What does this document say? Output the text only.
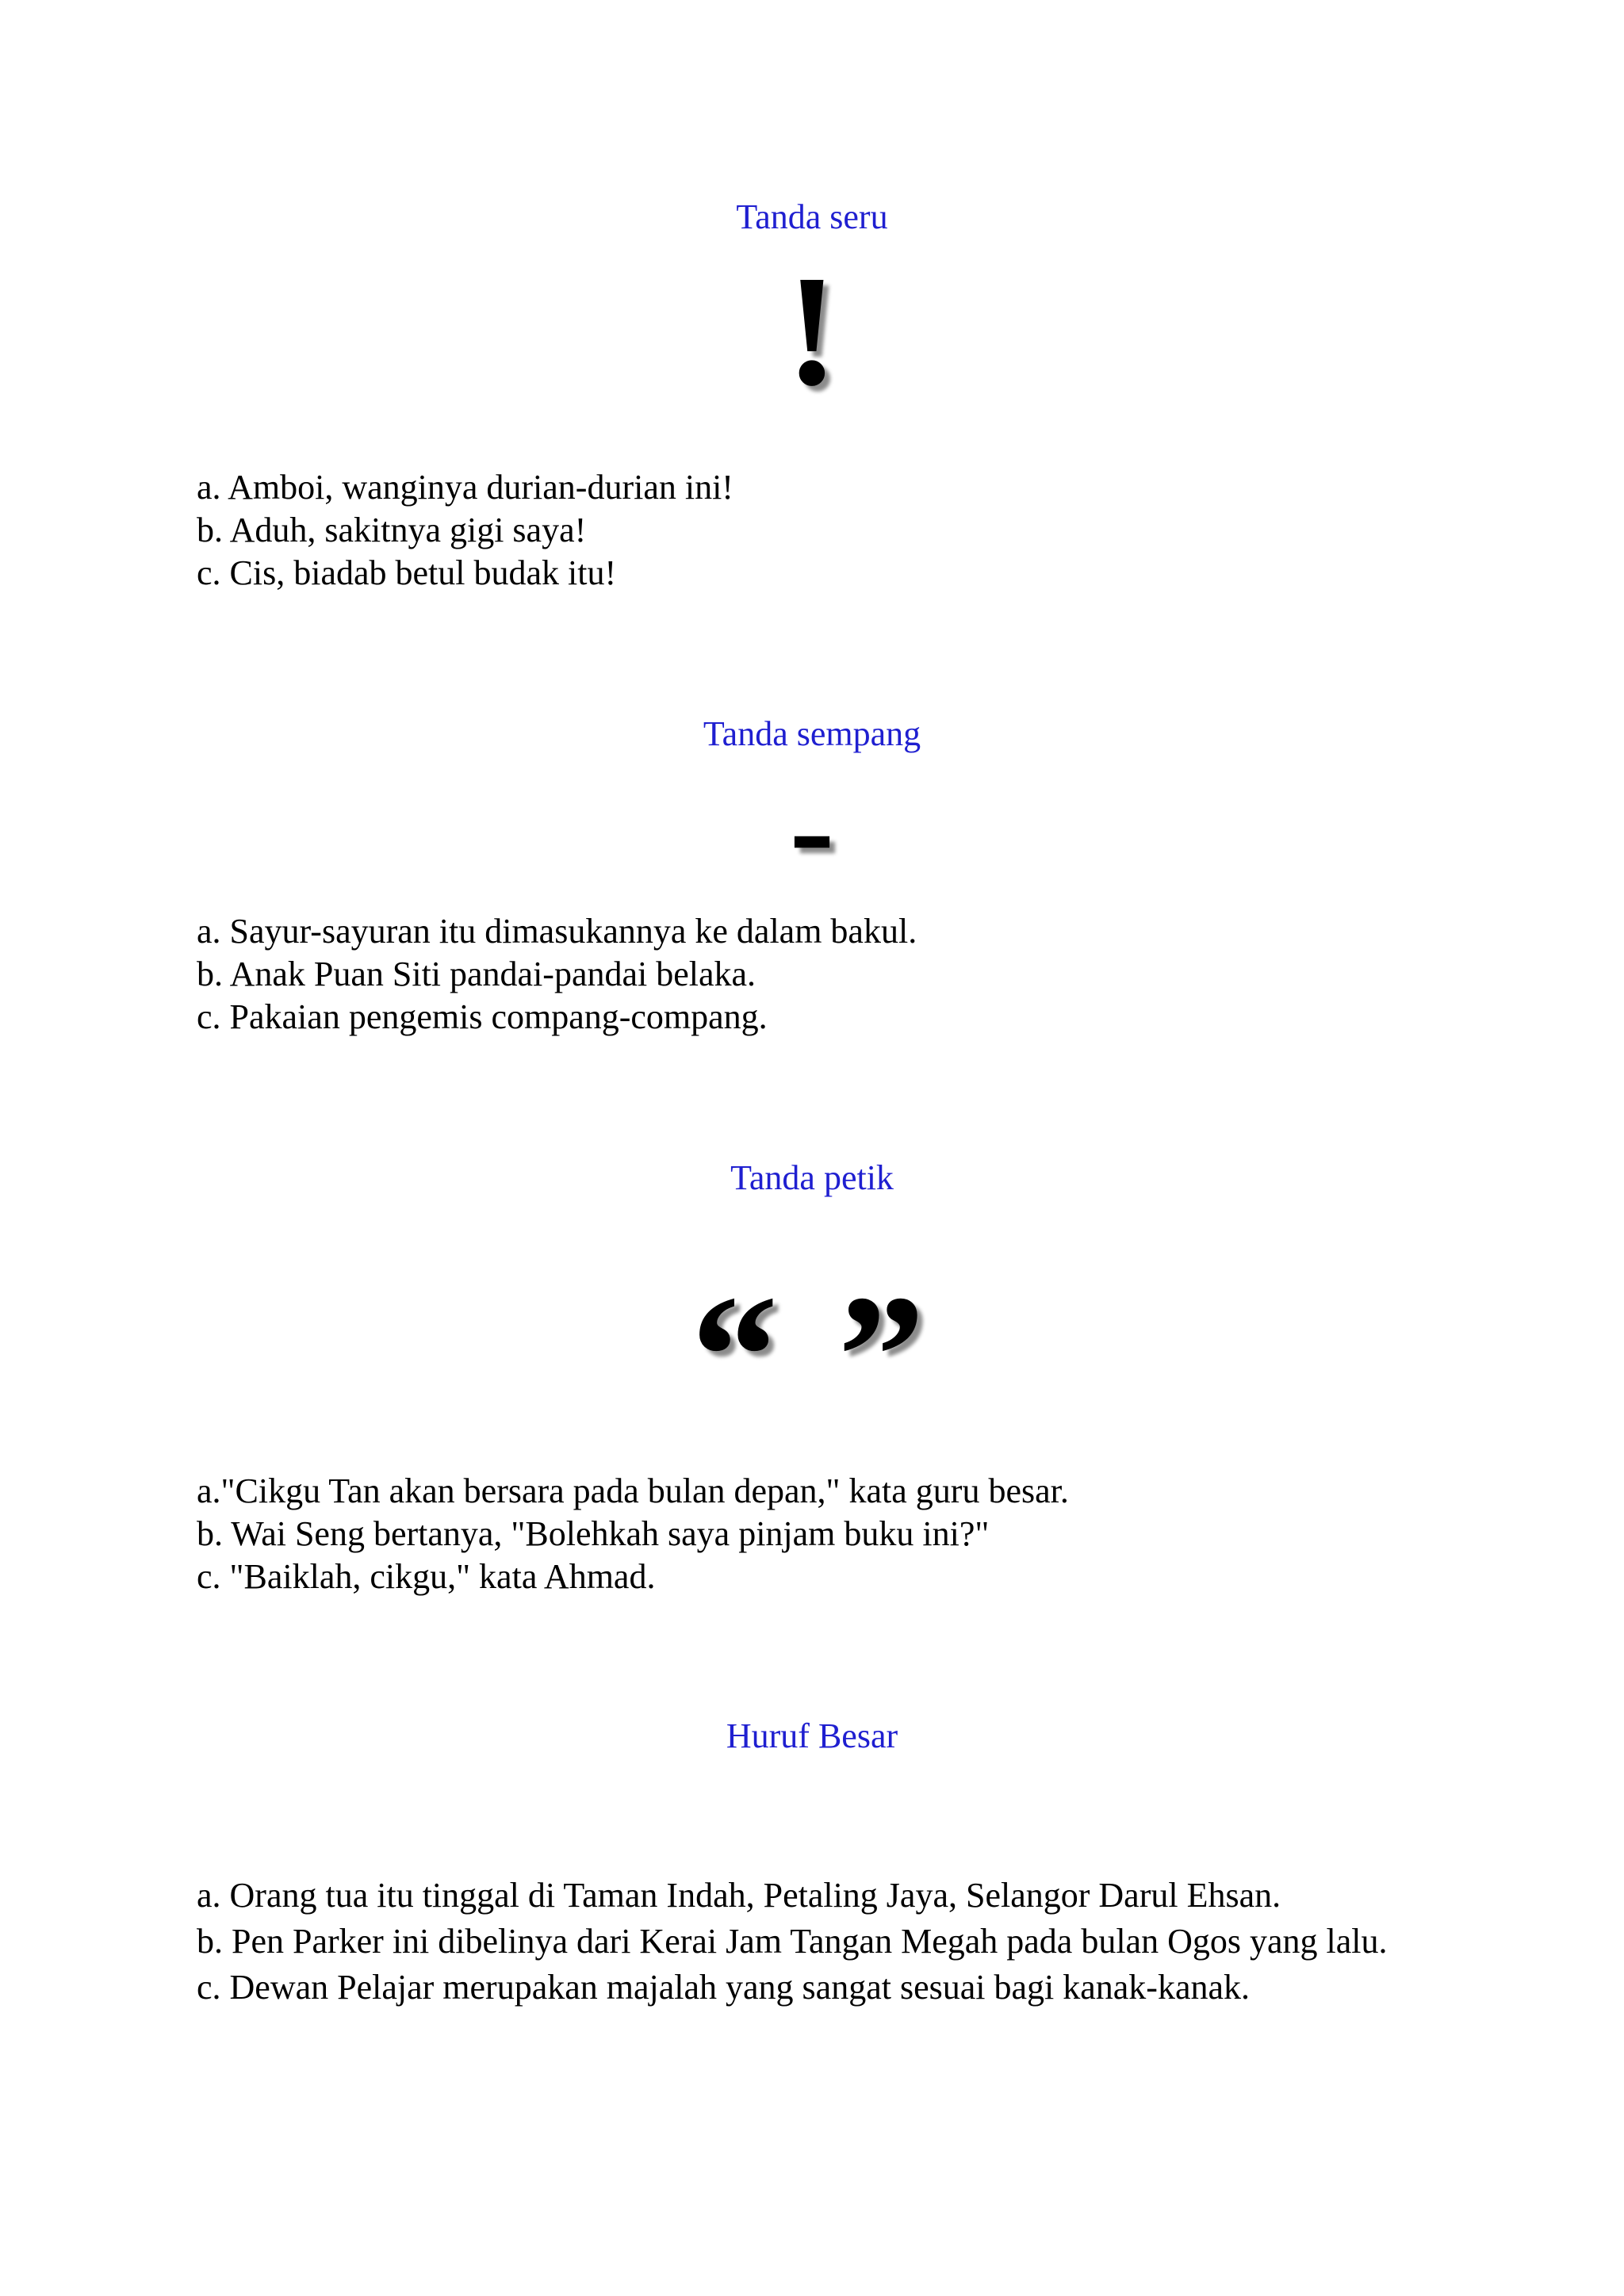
Tanda seru
!

a. Amboi, wanginya durian-durian ini!

b. Aduh, sakitnya gigi saya!

c. Cis, biadab betul budak itu!

Tanda sempang
-

a. Sayur-sayuran itu dimasukannya ke dalam bakul.

b. Anak Puan Siti pandai-pandai belaka.

c. Pakaian pengemis compang-compang.

Tanda petik
“ ”

a."Cikgu Tan akan bersara pada bulan depan," kata guru besar.

b. Wai Seng bertanya, "Bolehkah saya pinjam buku ini?"

c. "Baiklah, cikgu," kata Ahmad.

Huruf Besar

a. Orang tua itu tinggal di Taman Indah, Petaling Jaya, Selangor Darul Ehsan.

b. Pen Parker ini dibelinya dari Kerai Jam Tangan Megah pada bulan Ogos yang lalu.

c. Dewan Pelajar merupakan majalah yang sangat sesuai bagi kanak-kanak.
